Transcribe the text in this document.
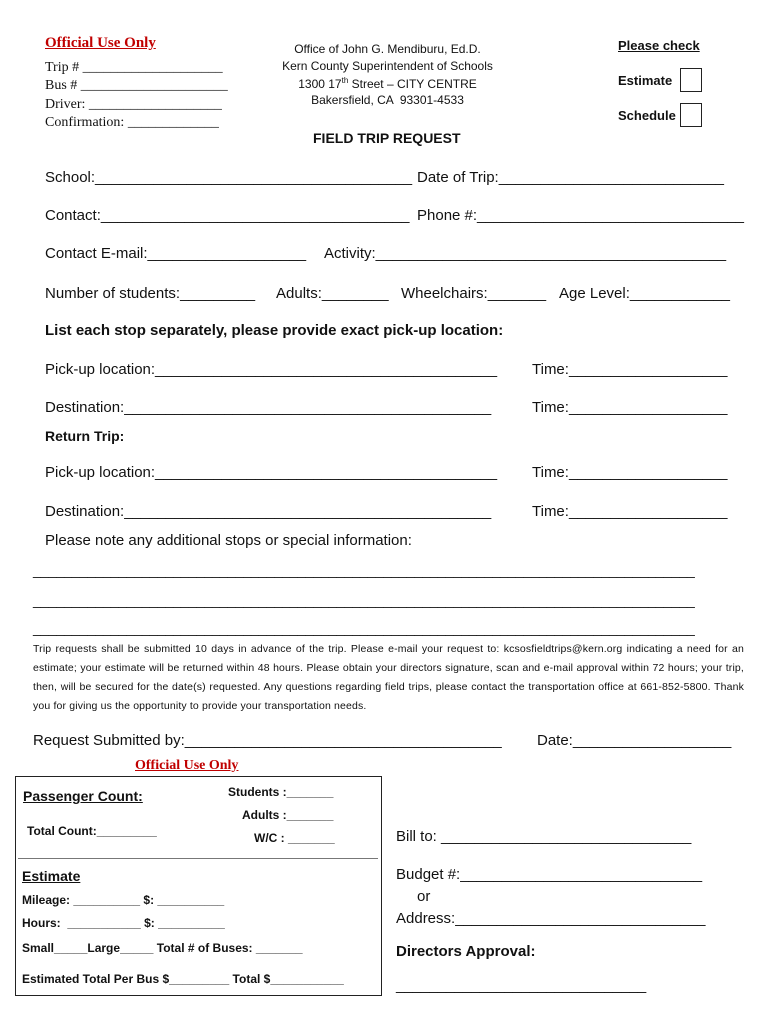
Official Use Only
Trip # ____________________
Bus # _____________________
Driver: ___________________
Confirmation: _____________
Office of John G. Mendiburu, Ed.D.
Kern County Superintendent of Schools
1300 17th Street – CITY CENTRE
Bakersfield, CA  93301-4533
Please check
Estimate
Schedule
FIELD TRIP REQUEST
School:______________________________________ Date of Trip:___________________________
Contact:_____________________________________ Phone #:________________________________
Contact E-mail:___________________ Activity:__________________________________________
Number of students:_________ Adults:________ Wheelchairs:_______ Age Level:____________
List each stop separately, please provide exact pick-up location:
Pick-up location:_________________________________________ Time:___________________
Destination:____________________________________________	Time:___________________
Return Trip:
Pick-up location:_________________________________________ Time:___________________
Destination:____________________________________________	Time:___________________
Please note any additional stops or special information:
_____________________________________________________________________________________
_____________________________________________________________________________________
_____________________________________________________________________________________
Trip requests shall be submitted 10 days in advance of the trip. Please e-mail your request to: kcsosfieldtrips@kern.org indicating a need for an estimate; your estimate will be returned within 48 hours. Please obtain your directors signature, scan and e-mail approval within 72 hours; your trip, then, will be secured for the date(s) requested. Any questions regarding field trips, please contact the transportation office at 661-852-5800. Thank you for giving us the opportunity to provide your transportation needs.
Request Submitted by:______________________________________ Date:___________________
Official Use Only
Passenger Count:	Students :_______
Adults :_______
W/C : _______
Total Count:_________
Estimate
Mileage: __________ $: __________
Hours:  ___________ $: __________
Small_____Large_____ Total # of Buses: _______
Estimated Total Per Bus $_________ Total $___________
Bill to: ______________________________
Budget #:_____________________________
or
Address:______________________________
Directors Approval:
______________________________
